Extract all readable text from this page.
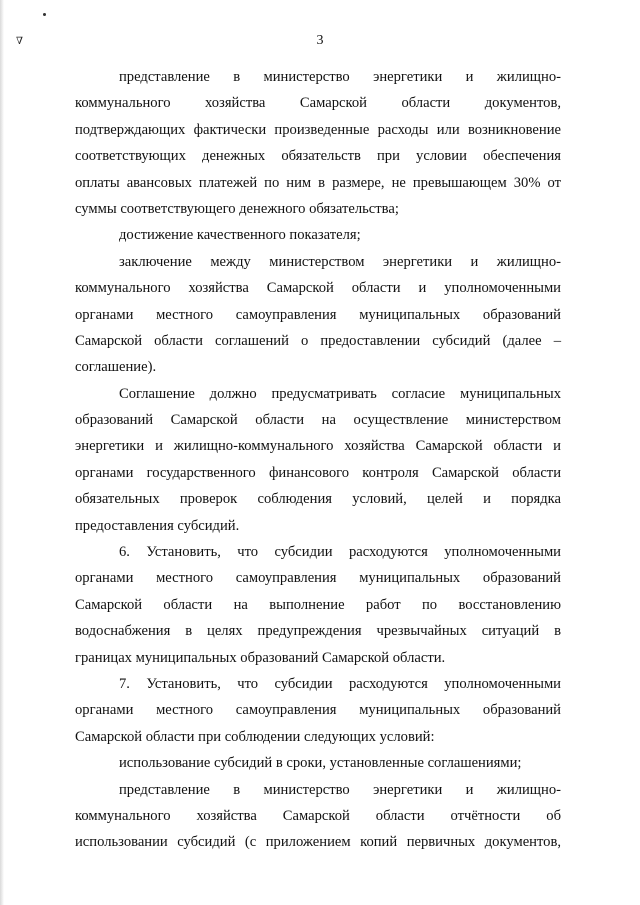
∇	3

представление в министерство энергетики и жилищно-
коммунального хозяйства Самарской области документов,
подтверждающих фактически произведенные расходы или возникновение
соответствующих денежных обязательств при условии обеспечения
оплаты авансовых платежей по ним в размере, не превышающем 30% от
суммы соответствующего денежного обязательства;

достижение качественного показателя;

заключение между министерством энергетики и жилищно-
коммунального хозяйства Самарской области и уполномоченными
органами местного самоуправления муниципальных образований
Самарской области соглашений о предоставлении субсидий (далее –
соглашение).

Соглашение должно предусматривать согласие муниципальных
образований Самарской области на осуществление министерством
энергетики и жилищно-коммунального хозяйства Самарской области и
органами государственного финансового контроля Самарской области
обязательных проверок соблюдения условий, целей и порядка
предоставления субсидий.

6. Установить, что субсидии расходуются уполномоченными
органами местного самоуправления муниципальных образований
Самарской области на выполнение работ по восстановлению
водоснабжения в целях предупреждения чрезвычайных ситуаций в
границах муниципальных образований Самарской области.

7. Установить, что субсидии расходуются уполномоченными
органами местного самоуправления муниципальных образований
Самарской области при соблюдении следующих условий:

использование субсидий в сроки, установленные соглашениями;

представление в министерство энергетики и жилищно-
коммунального хозяйства Самарской области отчётности об
использовании субсидий (с приложением копий первичных документов,
